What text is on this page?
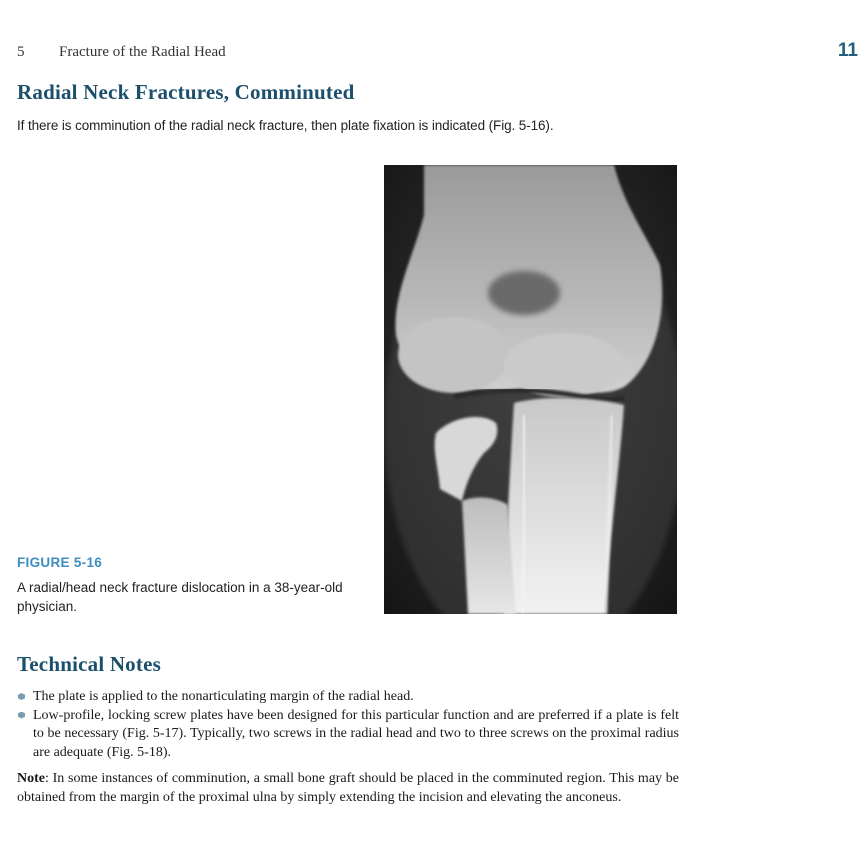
5 Fracture of the Radial Head	11
Radial Neck Fractures, Comminuted

If there is comminution of the radial neck fracture, then plate fixation is indicated (Fig. 5-16).

FIGURE 5-16

A radial/head neck fracture dislocation in a 38-year-old physician.

Technical Notes
The plate is applied to the nonarticulating margin of the radial head.
Low-profile, locking screw plates have been designed for this particular function and are preferred if a plate is felt to be necessary (Fig. 5-17). Typically, two screws in the radial head and two to three screws on the proximal radius are adequate (Fig. 5-18).

Note: In some instances of comminution, a small bone graft should be placed in the comminuted region. This may be obtained from the margin of the proximal ulna by simply extending the incision and elevating the anconeus.
